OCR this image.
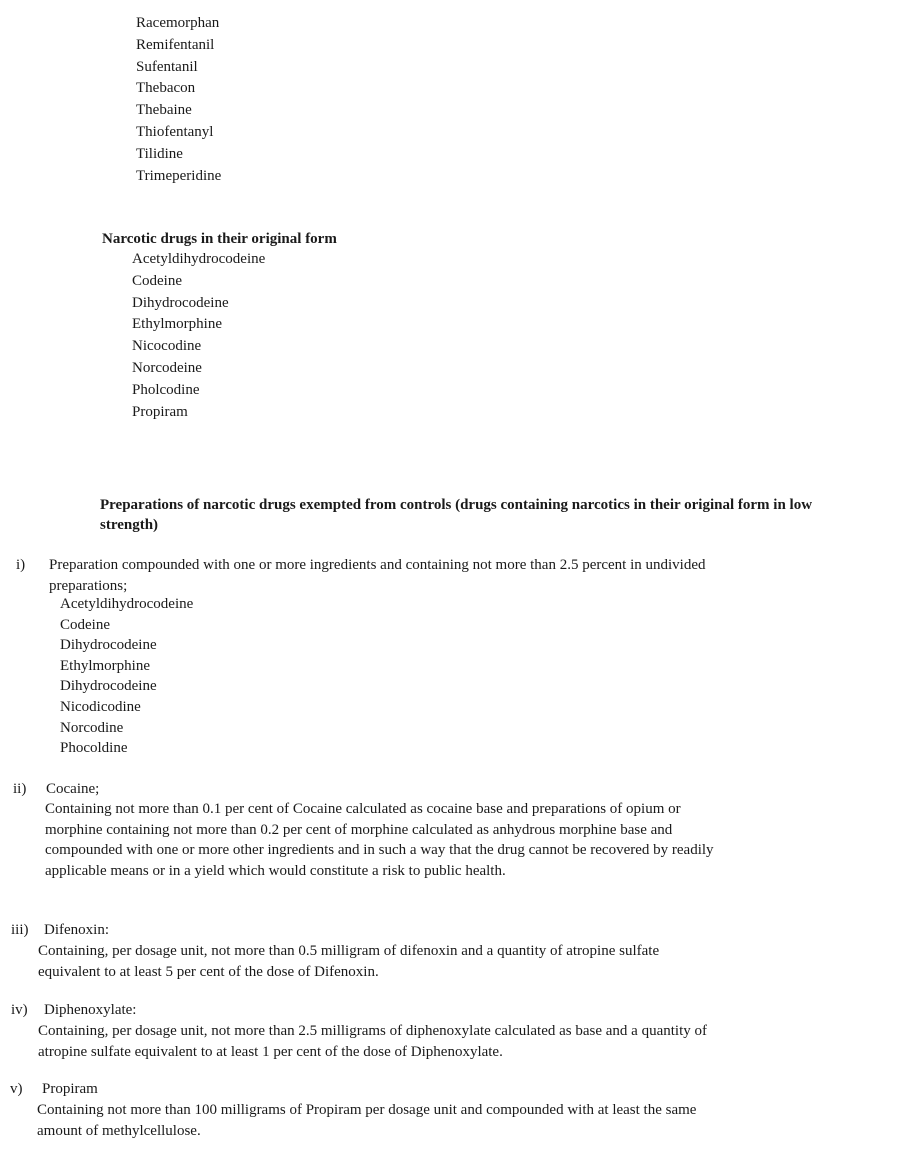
Racemorphan
Remifentanil
Sufentanil
Thebacon
Thebaine
Thiofentanyl
Tilidine
Trimeperidine
Narcotic drugs in their original form
Acetyldihydrocodeine
Codeine
Dihydrocodeine
Ethylmorphine
Nicocodine
Norcodeine
Pholcodine
Propiram
Preparations of narcotic drugs exempted from controls (drugs containing narcotics in their original form in low strength)
i) Preparation compounded with one or more ingredients and containing not more than 2.5 percent in undivided preparations;
Acetyldihydrocodeine
Codeine
Dihydrocodeine
Ethylmorphine
Dihydrocodeine
Nicodicodine
Norcodine
Phocoldine
ii) Cocaine;
Containing not more than 0.1 per cent of Cocaine calculated as cocaine base and preparations of opium or morphine containing not more than 0.2 per cent of morphine calculated as anhydrous morphine base and compounded with one or more other ingredients and in such a way that the drug cannot be recovered by readily applicable means or in a yield which would constitute a risk to public health.
iii) Difenoxin:
Containing, per dosage unit, not more than 0.5 milligram of difenoxin and a quantity of atropine sulfate equivalent to at least 5 per cent of the dose of Difenoxin.
iv) Diphenoxylate:
Containing, per dosage unit, not more than 2.5 milligrams of diphenoxylate calculated as base and a quantity of atropine sulfate equivalent to at least 1 per cent of the dose of Diphenoxylate.
v) Propiram
Containing not more than 100 milligrams of Propiram per dosage unit and compounded with at least the same amount of methylcellulose.
